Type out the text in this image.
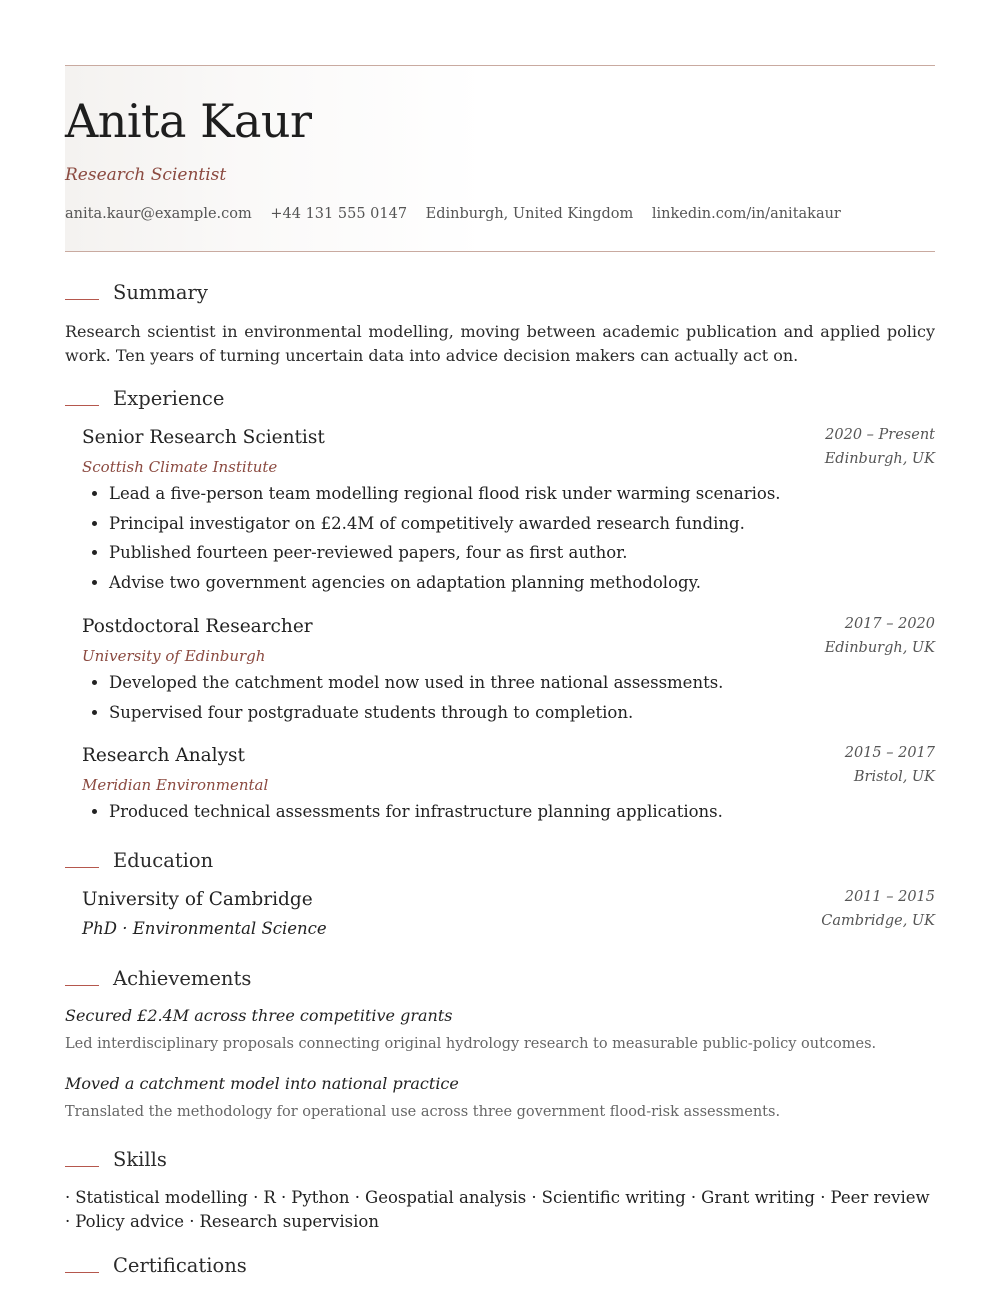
Anita Kaur
Research Scientist
anita.kaur@example.com +44 131 555 0147 Edinburgh, United Kingdom linkedin.com/in/anitakaur
Summary
Research scientist in environmental modelling, moving between academic publication and applied policy work. Ten years of turning uncertain data into advice decision makers can actually act on.
Experience
Senior Research Scientist
Scottish Climate Institute
2020 – Present
Edinburgh, UK
• Lead a five-person team modelling regional flood risk under warming scenarios.
• Principal investigator on £2.4M of competitively awarded research funding.
• Published fourteen peer-reviewed papers, four as first author.
• Advise two government agencies on adaptation planning methodology.
Postdoctoral Researcher
University of Edinburgh
2017 – 2020
Edinburgh, UK
• Developed the catchment model now used in three national assessments.
• Supervised four postgraduate students through to completion.
Research Analyst
Meridian Environmental
2015 – 2017
Bristol, UK
• Produced technical assessments for infrastructure planning applications.
Education
University of Cambridge
PhD · Environmental Science
2011 – 2015
Cambridge, UK
Achievements
Secured £2.4M across three competitive grants
Led interdisciplinary proposals connecting original hydrology research to measurable public-policy outcomes.
Moved a catchment model into national practice
Translated the methodology for operational use across three government flood-risk assessments.
Skills
· Statistical modelling · R · Python · Geospatial analysis · Scientific writing · Grant writing · Peer review · Policy advice · Research supervision
Certifications
